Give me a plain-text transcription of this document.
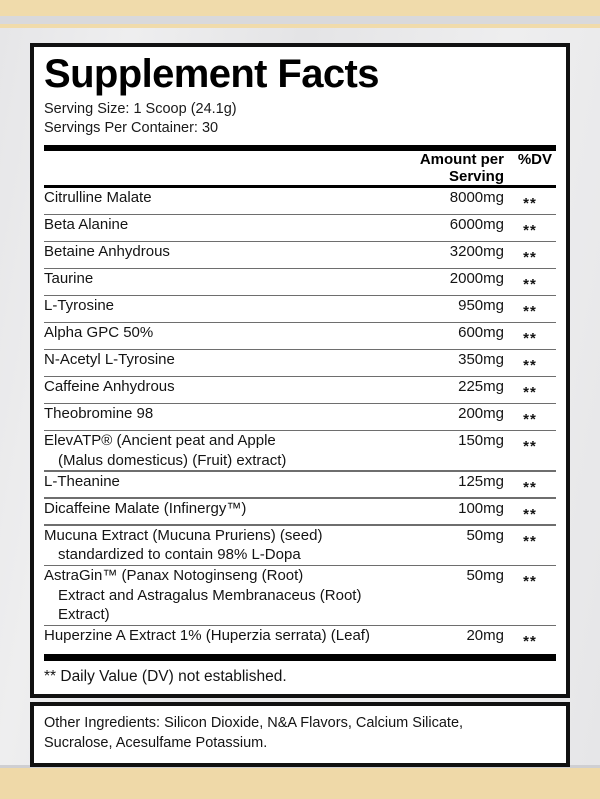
Supplement Facts
Serving Size: 1 Scoop (24.1g)
Servings Per Container: 30
	Amount per Serving	%DV
Citrulline Malate	8000mg	**

Beta Alanine	6000mg	**

Betaine Anhydrous	3200mg	**

Taurine	2000mg	**

L-Tyrosine	950mg	**

Alpha GPC 50%	600mg	**

N-Acetyl L-Tyrosine	350mg	**

Caffeine Anhydrous	225mg	**

Theobromine 98	200mg	**

ElevATP® (Ancient peat and Apple
(Malus domesticus) (Fruit) extract)	150mg	**

L-Theanine	125mg	**

Dicaffeine Malate (Infinergy™)	100mg	**

Mucuna Extract (Mucuna Pruriens) (seed)
standardized to contain 98% L-Dopa	50mg	**

AstraGin™ (Panax Notoginseng (Root)
Extract and Astragalus Membranaceus (Root) Extract)	50mg	**

Huperzine A Extract 1% (Huperzia serrata) (Leaf)	20mg	**
** Daily Value (DV) not established.
Other Ingredients: Silicon Dioxide, N&A Flavors, Calcium Silicate,
Sucralose, Acesulfame Potassium.
